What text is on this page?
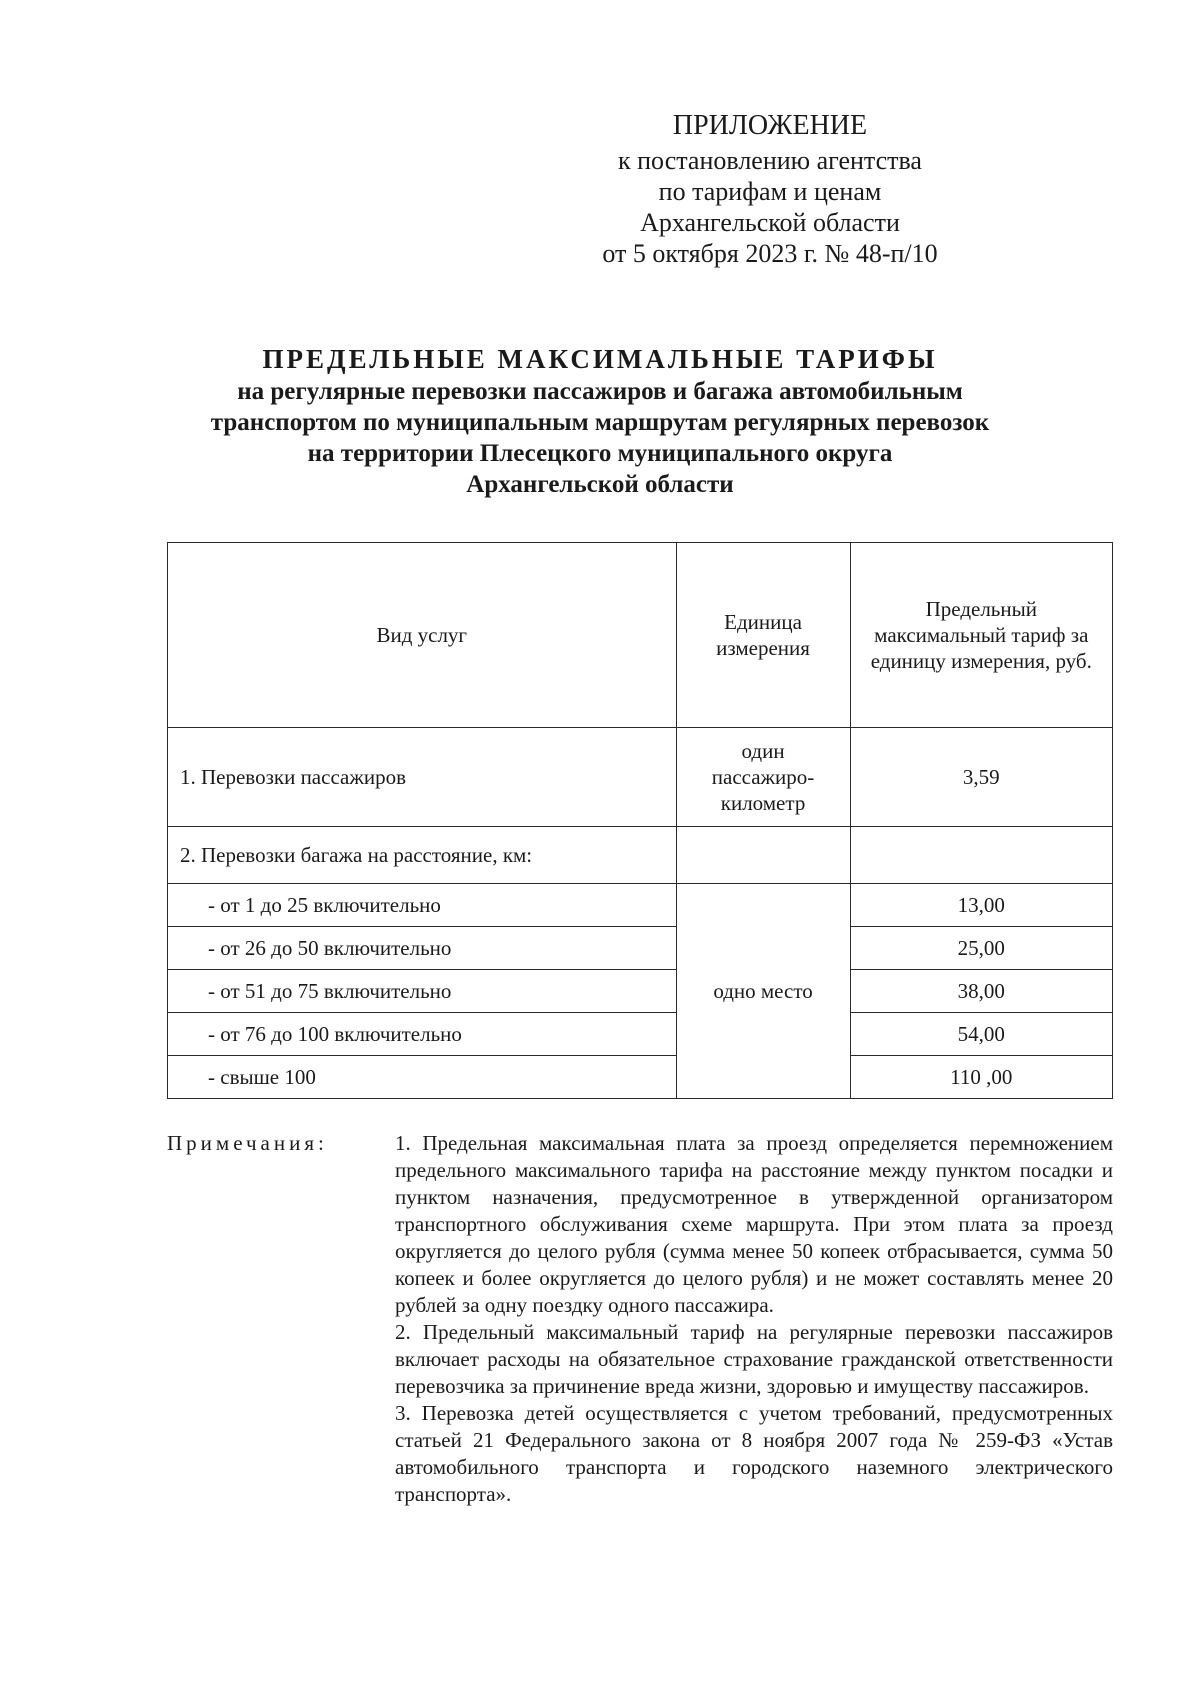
ПРИЛОЖЕНИЕ
к постановлению агентства
по тарифам и ценам
Архангельской области
от 5 октября 2023 г. № 48-п/10
ПРЕДЕЛЬНЫЕ МАКСИМАЛЬНЫЕ ТАРИФЫ
на регулярные перевозки пассажиров и багажа автомобильным
транспортом по муниципальным маршрутам регулярных перевозок
на территории Плесецкого муниципального округа
Архангельской области
Вид услуг	Единица измерения	Предельный максимальный тариф за единицу измерения, руб.
1. Перевозки пассажиров	один пассажиро-километр	3,59
2. Перевозки багажа на расстояние, км:		
- от 1 до 25 включительно	одно место	13,00
- от 26 до 50 включительно		25,00
- от 51 до 75 включительно		38,00
- от 76 до 100 включительно		54,00
- свыше 100		110 ,00
Примечания:	1. Предельная максимальная плата за проезд определяется перемножением предельного максимального тарифа на расстояние между пунктом посадки и пунктом назначения, предусмотренное в утвержденной организатором транспортного обслуживания схеме маршрута. При этом плата за проезд округляется до целого рубля (сумма менее 50 копеек отбрасывается, сумма 50 копеек и более округляется до целого рубля) и не может составлять менее 20 рублей за одну поездку одного пассажира.

2. Предельный максимальный тариф на регулярные перевозки пассажиров включает расходы на обязательное страхование гражданской ответственности перевозчика за причинение вреда жизни, здоровью и имуществу пассажиров.

3. Перевозка детей осуществляется с учетом требований, предусмотренных статьей 21 Федерального закона от 8 ноября 2007 года № 259-ФЗ «Устав автомобильного транспорта и городского наземного электрического транспорта».
